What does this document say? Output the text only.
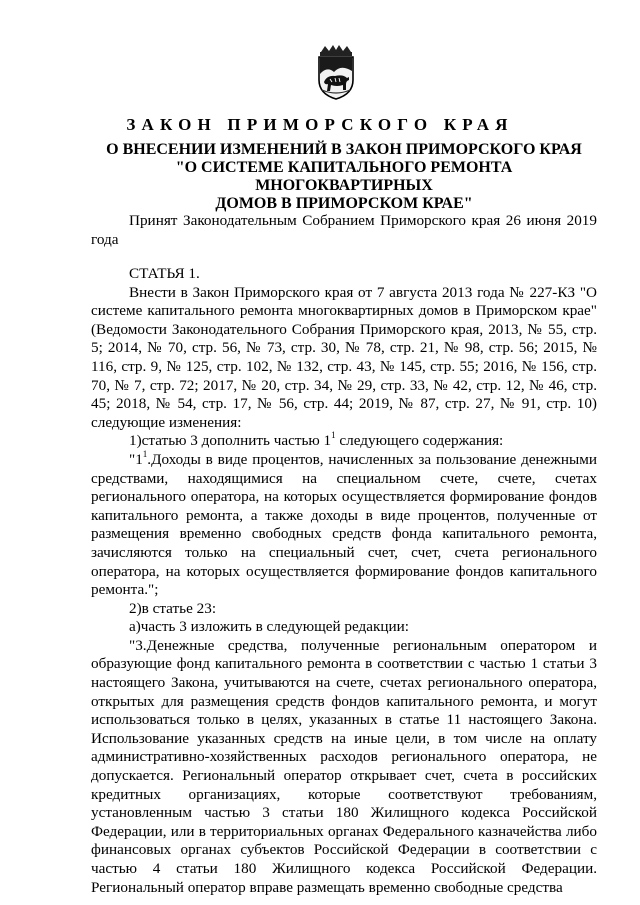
ЗАКОН ПРИМОРСКОГО КРАЯ
О ВНЕСЕНИИ ИЗМЕНЕНИЙ В ЗАКОН ПРИМОРСКОГО КРАЯ
"О СИСТЕМЕ КАПИТАЛЬНОГО РЕМОНТА МНОГОКВАРТИРНЫХ
ДОМОВ В ПРИМОРСКОМ КРАЕ"
Принят Законодательным Собранием Приморского края 26 июня 2019 года

СТАТЬЯ 1.

Внести в Закон Приморского края от 7 августа 2013 года № 227-КЗ "О системе капитального ремонта многоквартирных домов в Приморском крае" (Ведомости Законодательного Собрания Приморского края, 2013, № 55, стр. 5; 2014, № 70, стр. 56, № 73, стр. 30, № 78, стр. 21, № 98, стр. 56; 2015, № 116, стр. 9, № 125, стр. 102, № 132, стр. 43, № 145, стр. 55; 2016, № 156, стр. 70, № 7, стр. 72; 2017, № 20, стр. 34, № 29, стр. 33, № 42, стр. 12, № 46, стр. 45; 2018, № 54, стр. 17, № 56, стр. 44; 2019, № 87, стр. 27, № 91, стр. 10) следующие изменения:

1)статью 3 дополнить частью $1^1$ следующего содержания:

"$1^1.Доходы$ в виде процентов, начисленных за пользование денежными средствами, находящимися на специальном счете, счете, счетах регионального оператора, на которых осуществляется формирование фондов капитального ремонта, а также доходы в виде процентов, полученные от размещения временно свободных средств фонда капитального ремонта, зачисляются только на специальный счет, счет, счета регионального оператора, на которых осуществляется формирование фондов капитального ремонта.";

2)в статье 23:

а)часть 3 изложить в следующей редакции:

"3.Денежные средства, полученные региональным оператором и образующие фонд капитального ремонта в соответствии с частью 1 статьи 3 настоящего Закона, учитываются на счете, счетах регионального оператора, открытых для размещения средств фондов капитального ремонта, и могут использоваться только в целях, указанных в статье 11 настоящего Закона. Использование указанных средств на иные цели, в том числе на оплату административно-хозяйственных расходов регионального оператора, не допускается. Региональный оператор открывает счет, счета в российских кредитных организациях, которые соответствуют требованиям, установленным частью 3 статьи 180 Жилищного кодекса Российской Федерации, или в территориальных органах Федерального казначейства либо финансовых органах субъектов Российской Федерации в соответствии с частью 4 статьи 180 Жилищного кодекса Российской Федерации. Региональный оператор вправе размещать временно свободные средства
